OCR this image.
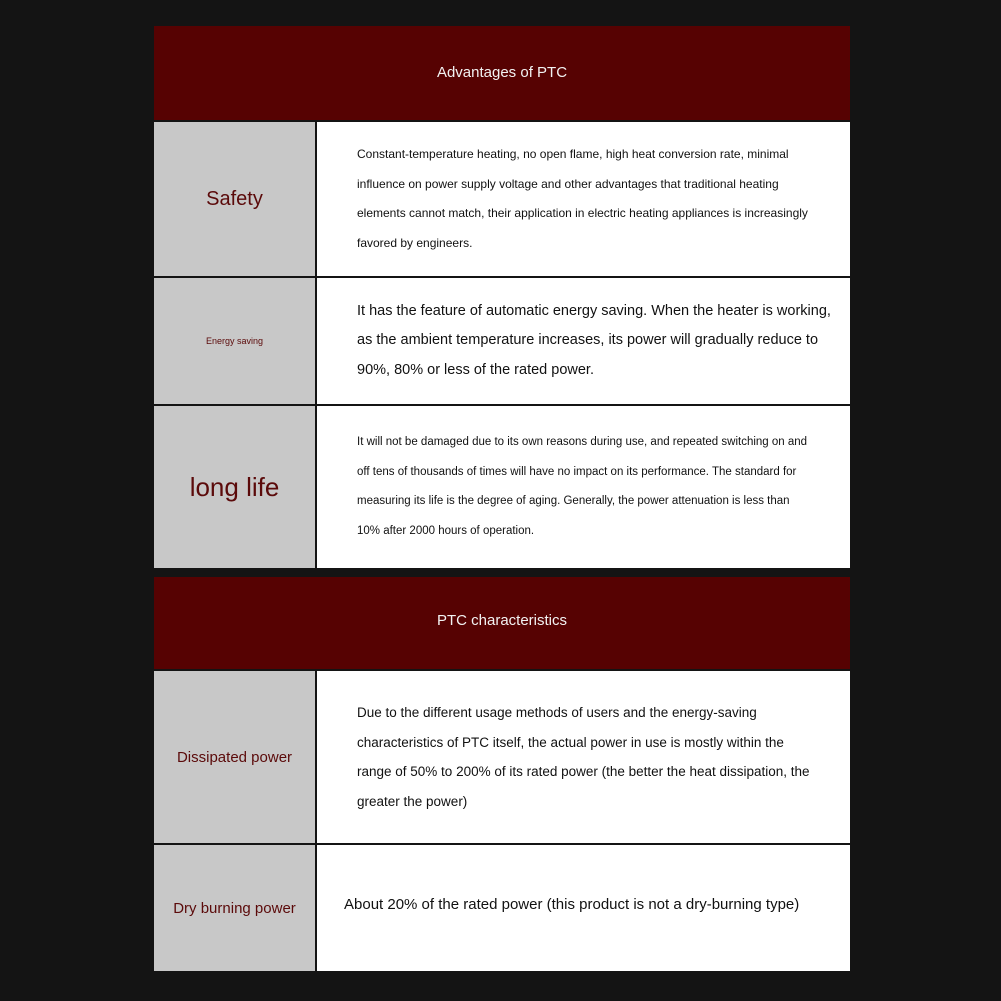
Advantages of PTC
Safety

Constant-temperature heating, no open flame, high heat conversion rate, minimal influence on power supply voltage and other advantages that traditional heating elements cannot match, their application in electric heating appliances is increasingly favored by engineers.

Energy saving

It has the feature of automatic energy saving. When the heater is working, as the ambient temperature increases, its power will gradually reduce to 90%, 80% or less of the rated power.

long life

It will not be damaged due to its own reasons during use, and repeated switching on and off tens of thousands of times will have no impact on its performance. The standard for measuring its life is the degree of aging. Generally, the power attenuation is less than 10% after 2000 hours of operation.

PTC characteristics
Dissipated power

Due to the different usage methods of users and the energy-saving characteristics of PTC itself, the actual power in use is mostly within the range of 50% to 200% of its rated power (the better the heat dissipation, the greater the power)

Dry burning power	About 20% of the rated power (this product is not a dry-burning type)
